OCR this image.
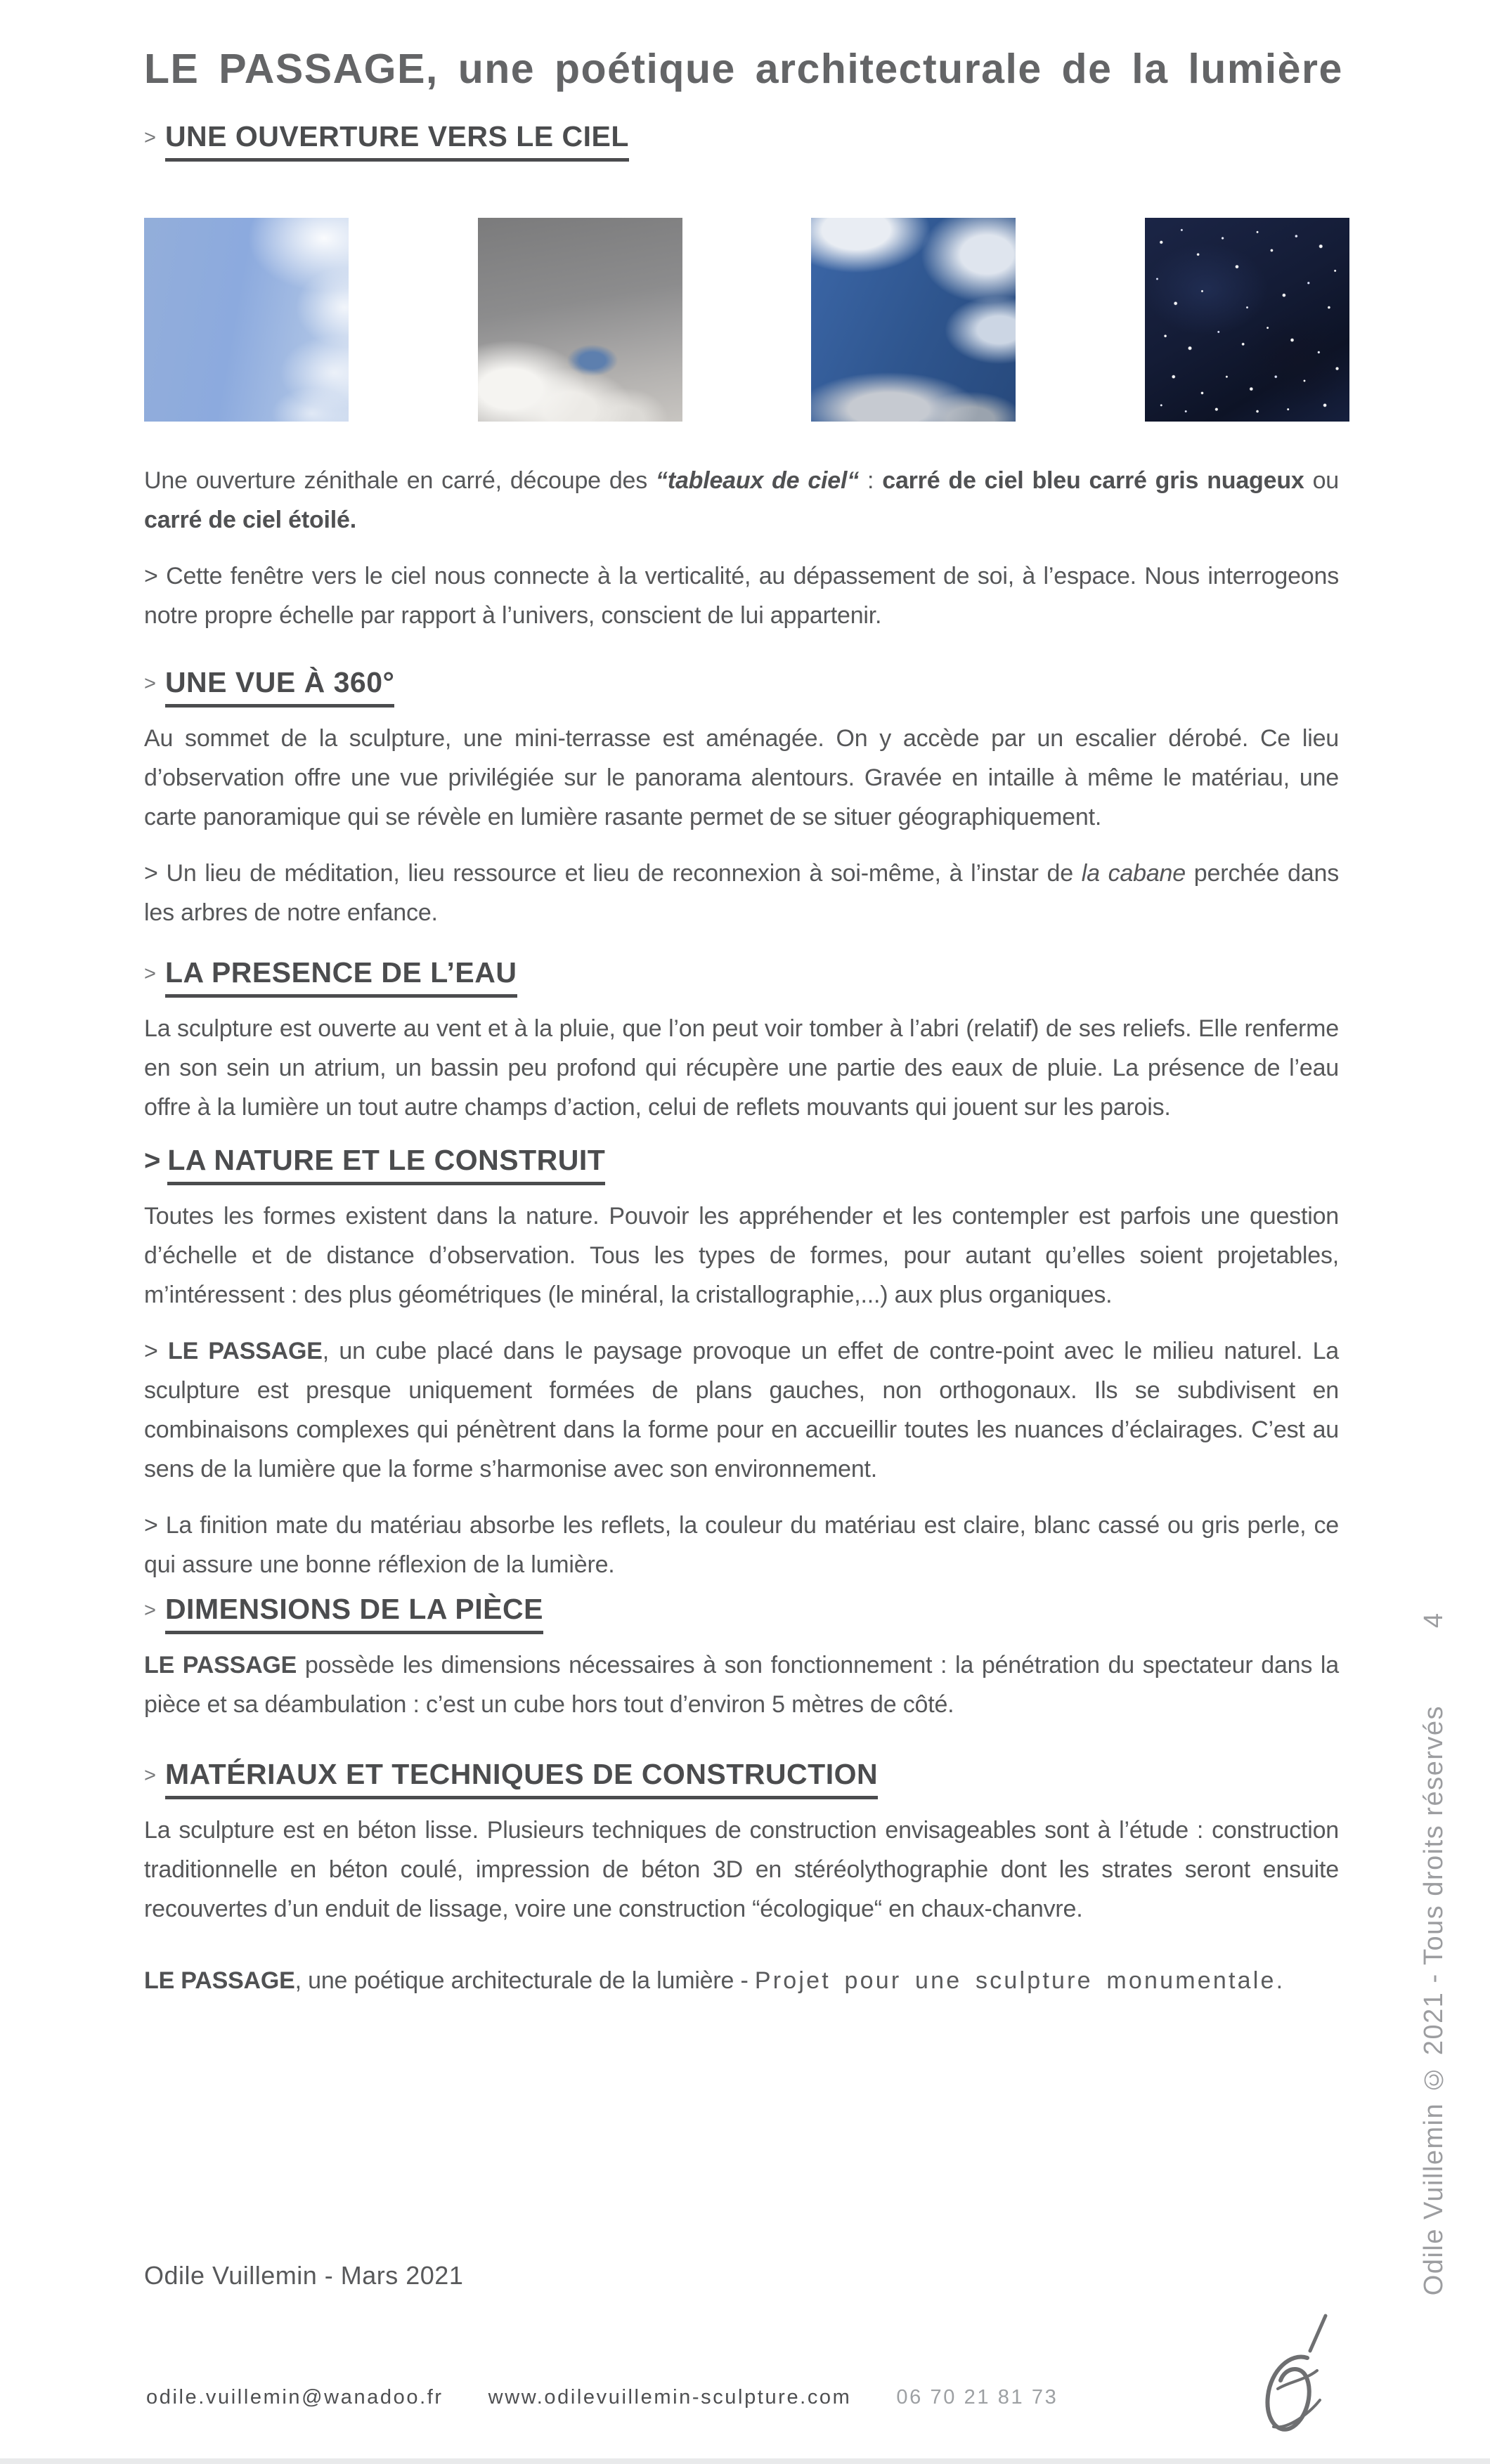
LE PASSAGE, une poétique architecturale de la lumière
> UNE OUVERTURE VERS LE CIEL

Une ouverture zénithale en carré, découpe des “tableaux de ciel“ : carré de ciel bleu carré gris nuageux ou carré de ciel étoilé.

> Cette fenêtre vers le ciel nous connecte à la verticalité, au dépassement de soi, à l’espace. Nous interrogeons notre propre échelle par rapport à l’univers, conscient de lui appartenir.

> UNE VUE À 360°

Au sommet de la sculpture, une mini-terrasse est aménagée. On y accède par un escalier dérobé. Ce lieu d’observation offre une vue privilégiée sur le panorama alentours. Gravée en intaille à même le matériau, une carte panoramique qui se révèle en lumière rasante permet de se situer géographiquement.

> Un lieu de méditation, lieu ressource et lieu de reconnexion à soi-même, à l’instar de la cabane perchée dans les arbres de notre enfance.

> LA PRESENCE DE L’EAU

La sculpture est ouverte au vent et à la pluie, que l’on peut voir tomber à l’abri (relatif) de ses reliefs. Elle renferme en son sein un atrium, un bassin peu profond qui récupère une partie des eaux de pluie. La présence de l’eau offre à la lumière un tout autre champs d’action, celui de reflets mouvants qui jouent sur les parois.

> LA NATURE ET LE CONSTRUIT

Toutes les formes existent dans la nature. Pouvoir les appréhender et les contempler est parfois une question d’échelle et de distance d’observation. Tous les types de formes, pour autant qu’elles soient projetables, m’intéressent : des plus géométriques (le minéral, la cristallographie,...) aux plus organiques.

> LE PASSAGE, un cube placé dans le paysage provoque un effet de contre-point avec le milieu naturel. La sculpture est presque uniquement formées de plans gauches, non orthogonaux. Ils se subdivisent en combinaisons complexes qui pénètrent dans la forme pour en accueillir toutes les nuances d’éclairages. C’est au sens de la lumière que la forme s’harmonise avec son environnement.

> La finition mate du matériau absorbe les reflets, la couleur du matériau est claire, blanc cassé ou gris perle, ce qui assure une bonne réflexion de la lumière.

> DIMENSIONS DE LA PIÈCE

LE PASSAGE possède les dimensions nécessaires à son fonctionnement : la pénétration du spectateur dans la pièce et sa déambulation : c’est un cube hors tout d’environ 5 mètres de côté.

> MATÉRIAUX ET TECHNIQUES DE CONSTRUCTION

La sculpture est en béton lisse. Plusieurs techniques de construction envisageables sont à l’étude : construction traditionnelle en béton coulé, impression de béton 3D en stéréolythographie dont les strates seront ensuite recouvertes d’un enduit de lissage, voire une construction “écologique“ en chaux-chanvre.

LE PASSAGE, une poétique architecturale de la lumière - Projet pour une sculpture monumentale.

Odile Vuillemin - Mars 2021
odile.vuillemin@wanadoo.fr www.odilevuillemin-sculpture.com 06 70 21 81 73
Odile Vuillemin © 2021 - Tous droits réservés
4
